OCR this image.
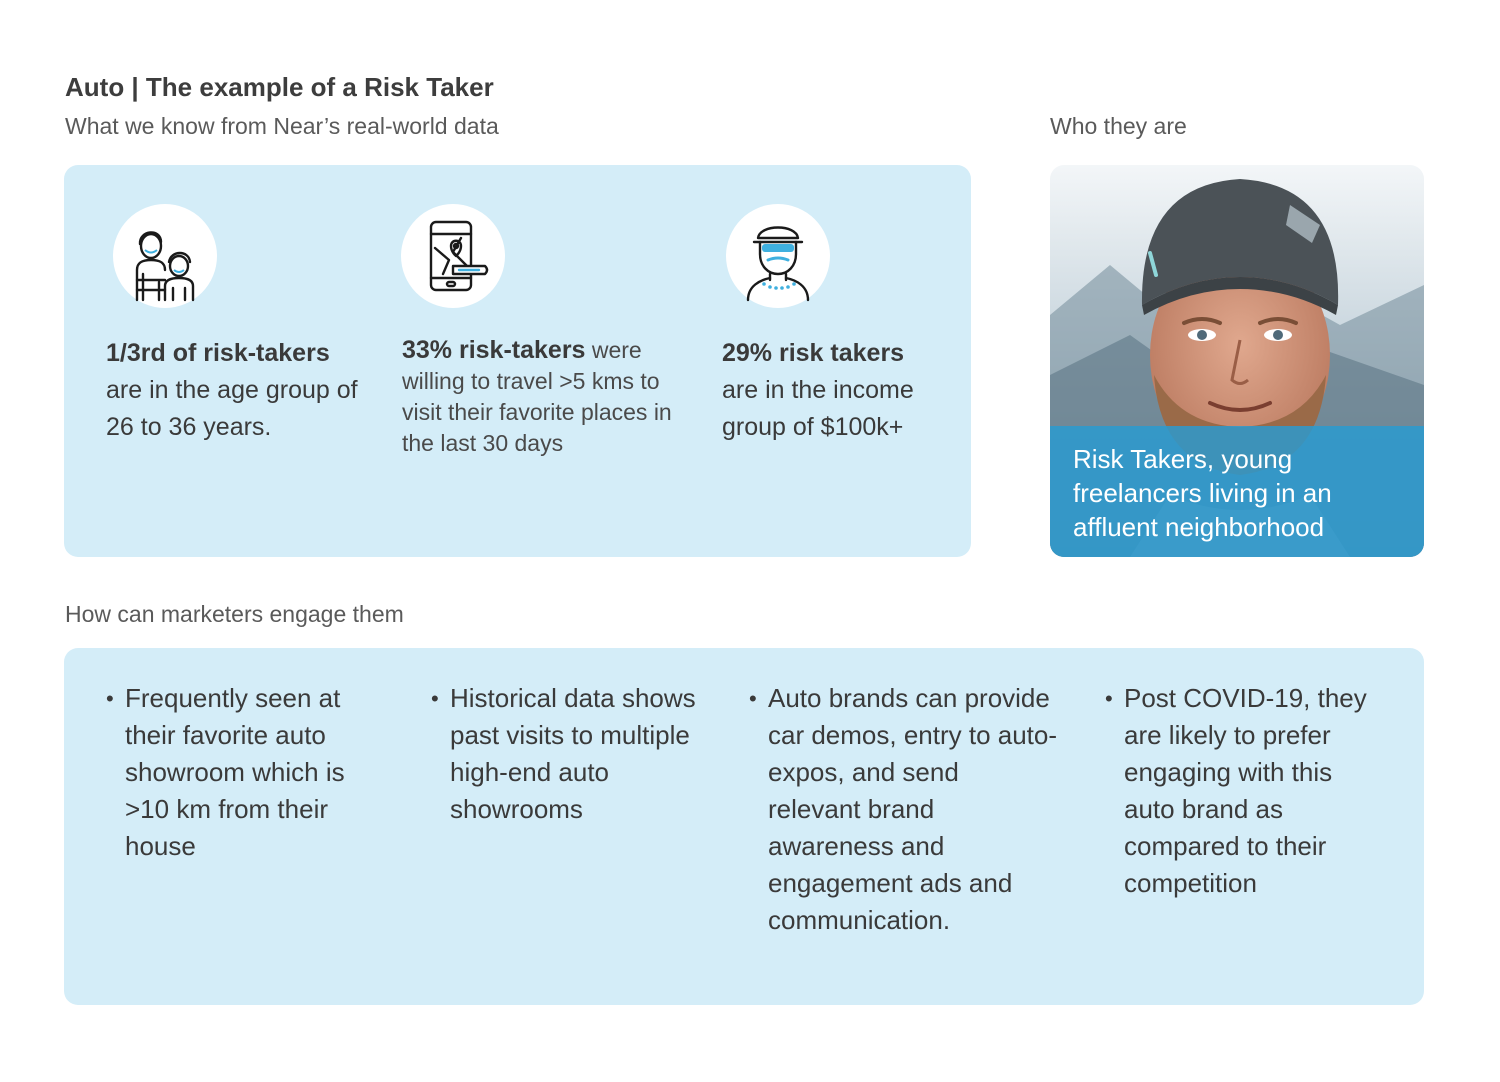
Auto | The example of a Risk Taker
What we know from Near’s real-world data	Who they are
1/3rd of risk-takers
are in the age group of 26 to 36 years.
33% risk-takers were willing to travel >5 kms to visit their favorite places in the last 30 days
29% risk takers
are in the income group of $100k+
Risk Takers, young freelancers living in an affluent neighborhood
How can marketers engage them
• Frequently seen at their favorite auto showroom which is >10 km from their house
• Historical data shows past visits to multiple high-end auto showrooms
• Auto brands can provide car demos, entry to auto-expos, and send relevant brand awareness and engagement ads and communication.
• Post COVID-19, they are likely to prefer engaging with this auto brand as compared to their competition
